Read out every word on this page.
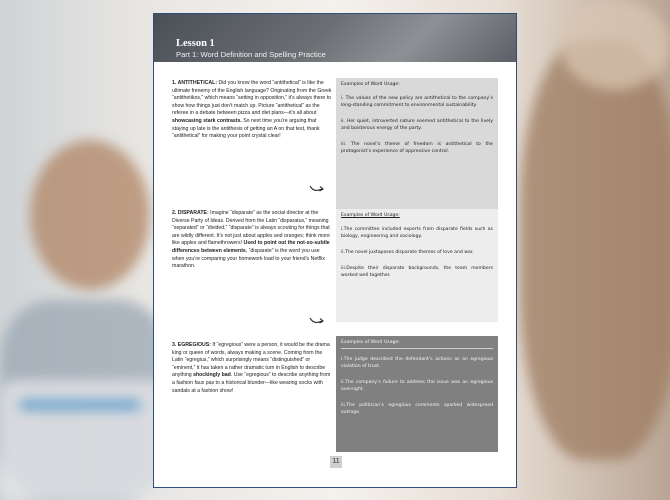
Lesson 1
Part 1: Word Definition and Spelling Practice
1. ANTITHETICAL: Did you know the word “antithetical” is like the ultimate frenemy of the English language? Originating from the Greek “antithetikos,” which means “setting in opposition,” it’s always there to show how things just don’t match up. Picture “antithetical” as the referee in a debate between pizza and diet plans—it’s all about showcasing stark contrasts. So next time you’re arguing that staying up late is the antithesis of getting an A on that test, thank “antithetical” for making your point crystal clear!
Examples of Word Usage:

i. The values of the new policy are antithetical to the company’s long-standing commitment to environmental sustainability.

ii. Her quiet, introverted nature seemed antithetical to the lively and boisterous energy of the party.

iii. The novel’s theme of freedom is antithetical to the protagonist’s experience of oppressive control.

2. DISPARATE: Imagine “disparate” as the social director at the Diverse Party of Ideas. Derived from the Latin “disparatus,” meaning “separated” or “divided,” “disparate” is always scouting for things that are wildly different. It’s not just about apples and oranges; think more like apples and flamethrowers! Used to point out the not-so-subtle differences between elements, “disparate” is the word you use when you’re comparing your homework load to your friend’s Netflix marathon.
Examples of Word Usage:

i.The committee included experts from disparate fields such as biology, engineering and sociology.

ii.The novel juxtaposes disparate themes of love and war.

iii.Despite their disparate backgrounds, the team members worked well together.

3. EGREGIOUS: If “egregious” were a person, it would be the drama king or queen of words, always making a scene. Coming from the Latin “egregius,” which surprisingly means “distinguished” or “eminent,” it has taken a rather dramatic turn in English to describe anything shockingly bad. Use “egregious” to describe anything from a fashion faux pas to a historical blunder—like wearing socks with sandals at a fashion show!
Examples of Word Usage:

i.The judge described the defendant’s actions as an egregious violation of trust.

ii.The company’s failure to address the issue was an egregious oversight.

iii.The politician’s egregious comments sparked widespread outrage.

11
